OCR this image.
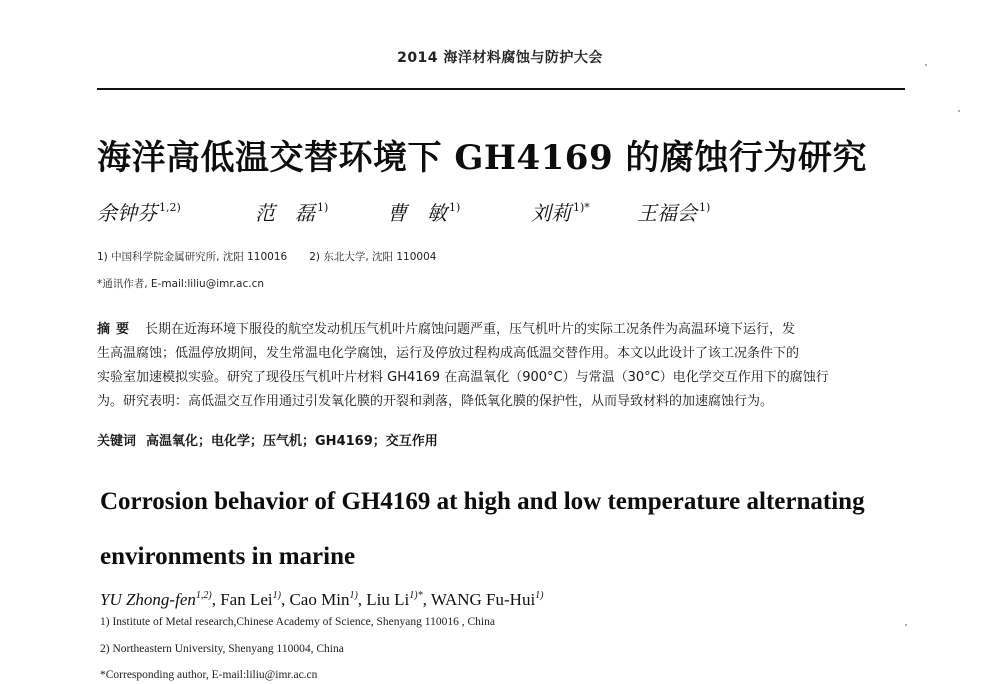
2014 海洋材料腐蚀与防护大会
海洋高低温交替环境下 GH4169 的腐蚀行为研究
余钟芬 $^{1,2)}$	范　磊 $^{1)}$	曹　敏 $^{1)}$	刘莉 $^{1)*}$ 王福会 $^{1)}$
1) 中国科学院金属研究所, 沈阳 110016 2) 东北大学, 沈阳 110004
*通讯作者, E-mail:liliu@imr.ac.cn
摘要 长期在近海环境下服役的航空发动机压气机叶片腐蚀问题严重，压气机叶片的实际工况条件为高温环境下运行，发
生高温腐蚀；低温停放期间，发生常温电化学腐蚀，运行及停放过程构成高低温交替作用。本文以此设计了该工况条件下的
实验室加速模拟实验。研究了现役压气机叶片材料 GH4169 在高温氧化（900°C）与常温（30°C）电化学交互作用下的腐蚀行
为。研究表明：高低温交互作用通过引发氧化膜的开裂和剥落，降低氧化膜的保护性，从而导致材料的加速腐蚀行为。
关键词 高温氧化；电化学；压气机；GH4169；交互作用
Corrosion behavior of GH4169 at high and low temperature alternating
environments in marine
YU Zhong-fen$^{1,2)}$, Fan Lei$^{1)}$, Cao Min$^{1)}$, Liu $Li^{1)*}$, WANG Fu-Hui$^{1)}$
1) Institute of Metal research,Chinese Academy of Science, Shenyang 110016 , China
2) Northeastern University, Shenyang 110004, China
*Corresponding author, E-mail:liliu@imr.ac.cn
